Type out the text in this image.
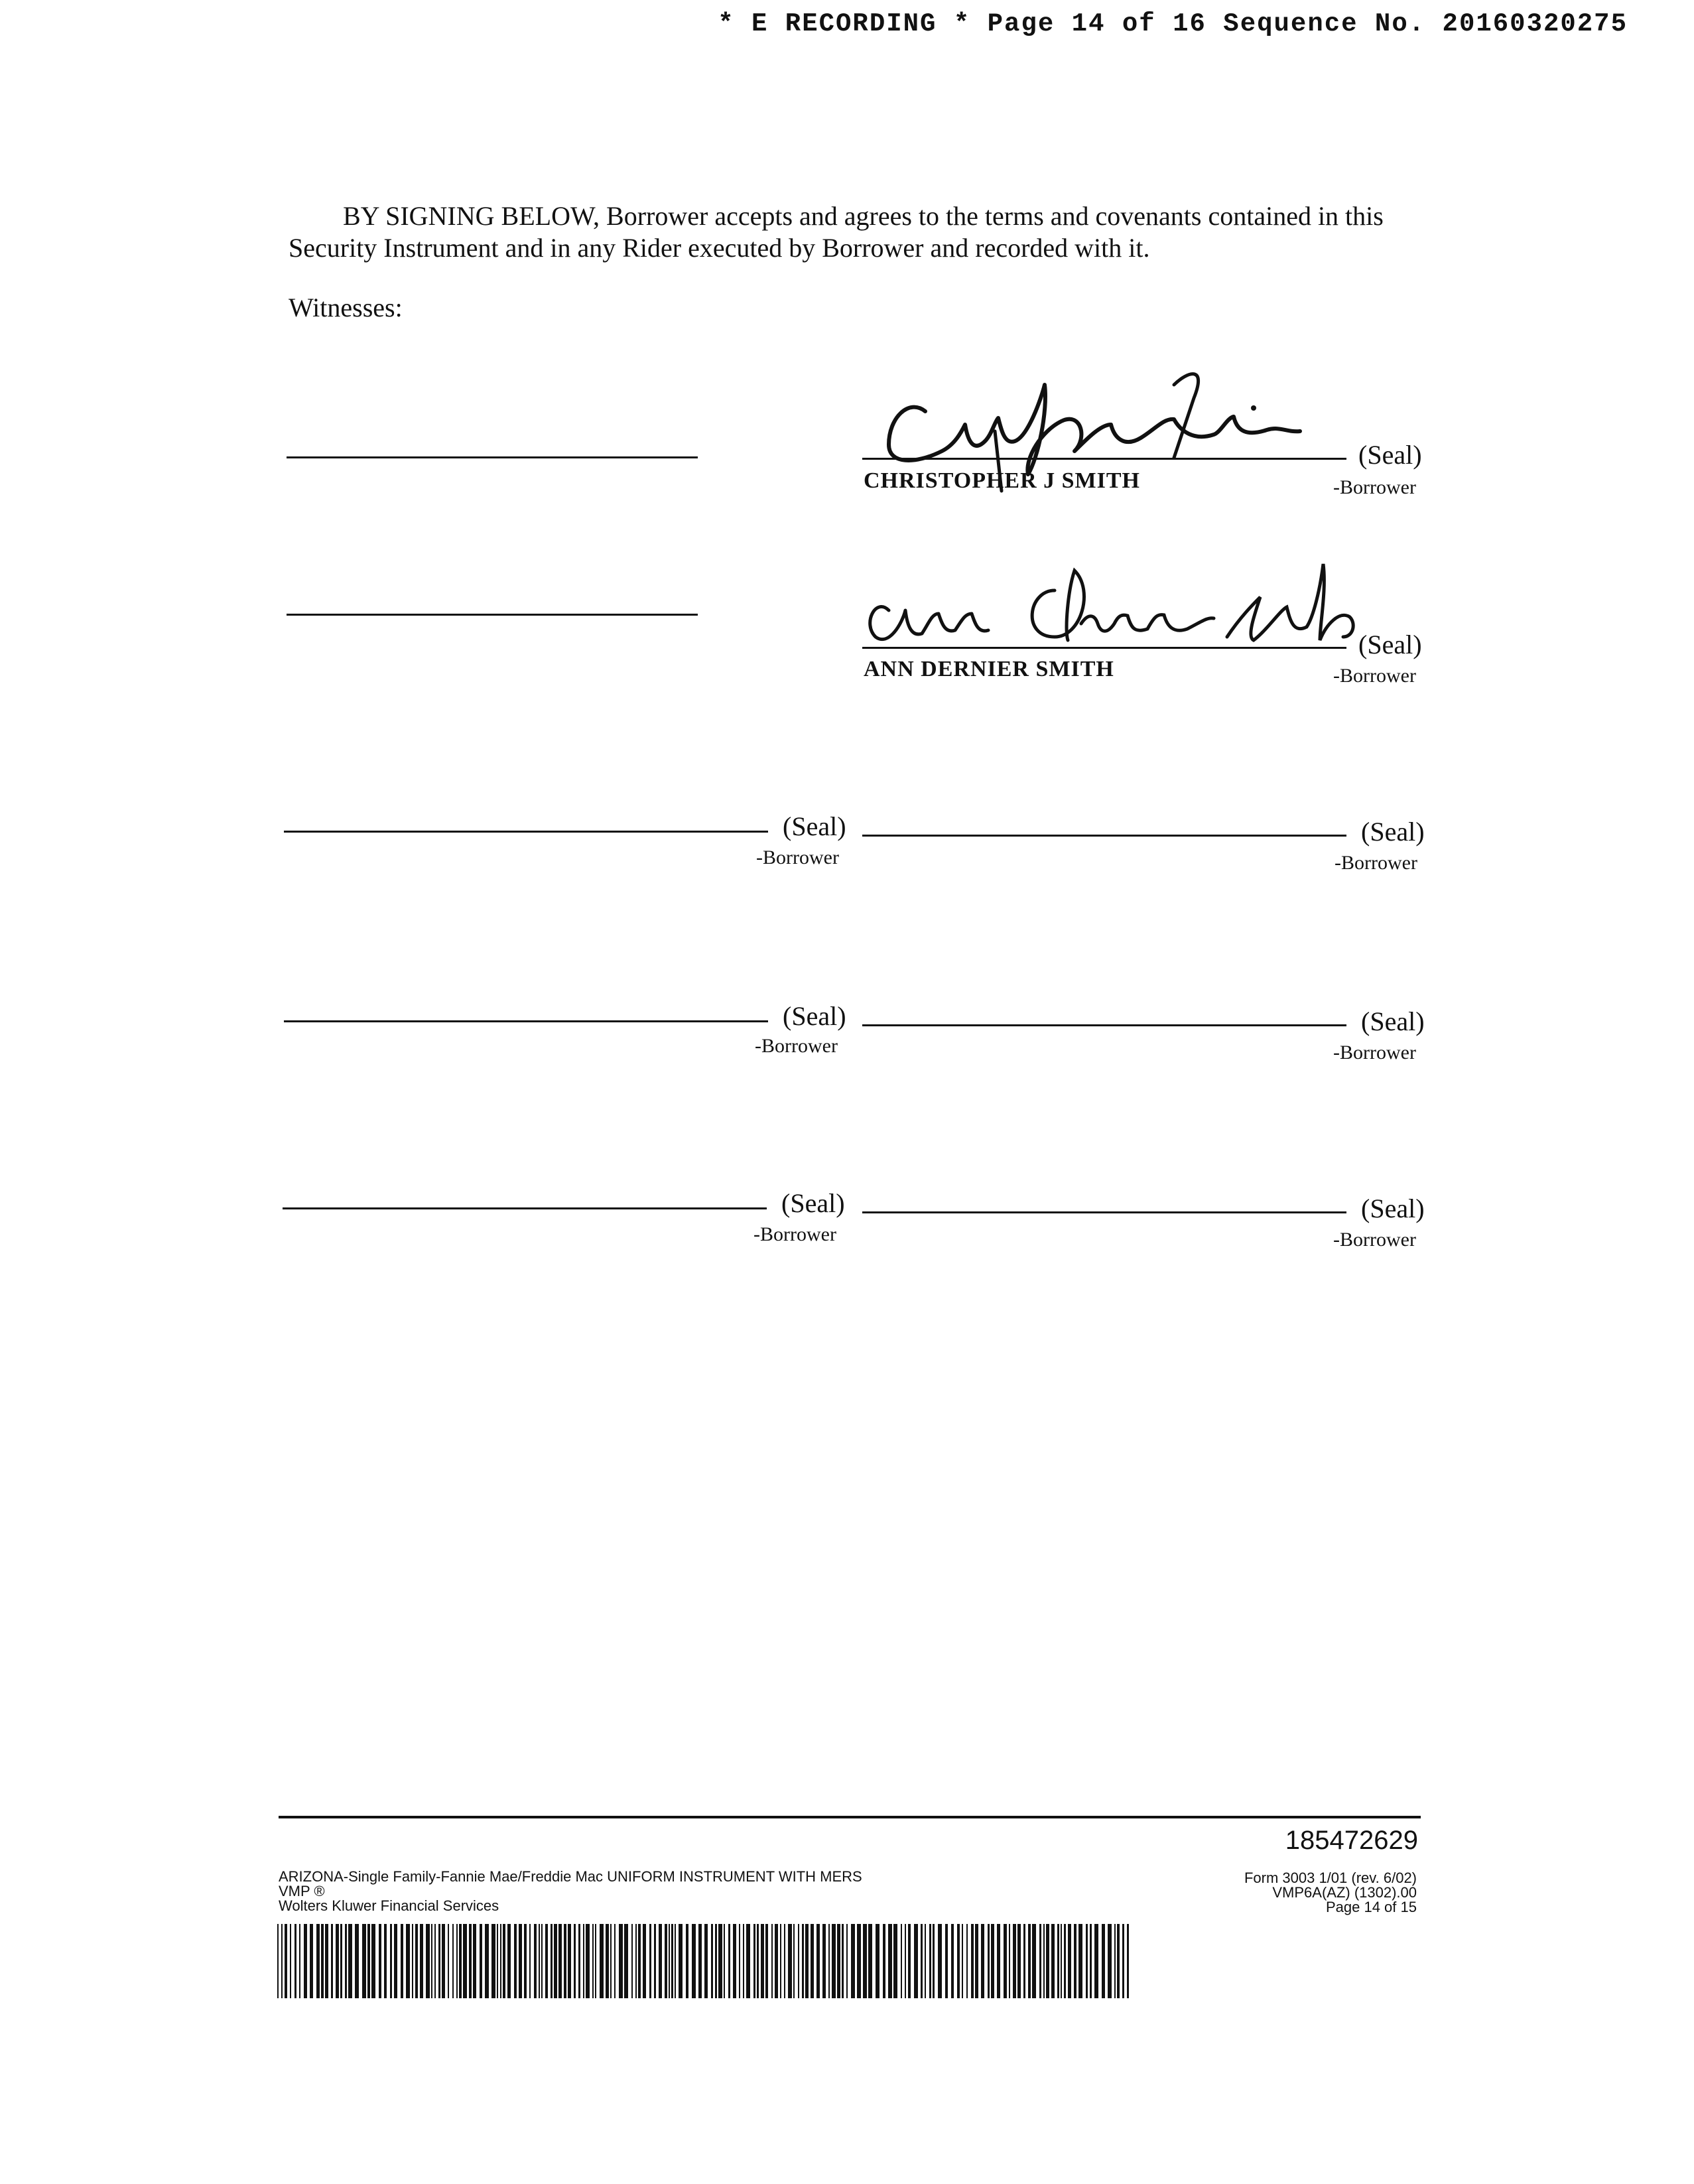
* E RECORDING * Page 14 of 16 Sequence No. 20160320275
BY SIGNING BELOW, Borrower accepts and agrees to the terms and covenants contained in this Security Instrument and in any Rider executed by Borrower and recorded with it.
Witnesses:
(Seal)
CHRISTOPHER J SMITH	-Borrower
(Seal)
ANN DERNIER SMITH	-Borrower
(Seal)
-Borrower
(Seal)
-Borrower
(Seal)
-Borrower
(Seal)
-Borrower
(Seal)
-Borrower
(Seal)
-Borrower
185472629
ARIZONA-Single Family-Fannie Mae/Freddie Mac UNIFORM INSTRUMENT WITH MERS
VMP ®
Wolters Kluwer Financial Services
Form 3003 1/01 (rev. 6/02)
VMP6A(AZ) (1302).00
Page 14 of 15
